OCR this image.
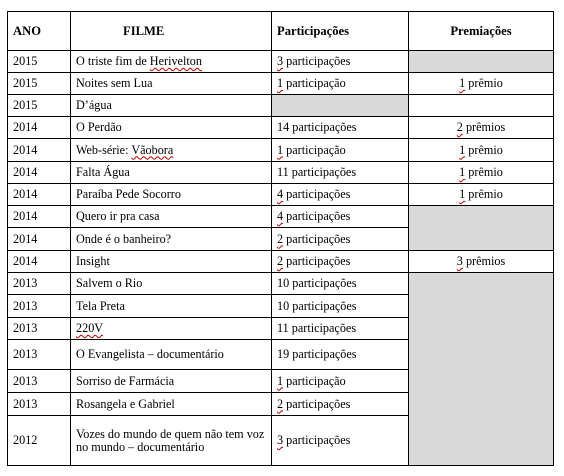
ANO	FILME	Participações	Premiações
2015	O triste fim de Herivelton	3 participações	
2015	Noites sem Lua	1 participação	1 prêmio
2015	D’água		
2014	O Perdão	14 participações	2 prêmios
2014	Web-série: Vãobora	1 participação	1 prêmio
2014	Falta Água	11 participações	1 prêmio
2014	Paraíba Pede Socorro	4 participações	1 prêmio
2014	Quero ir pra casa	4 participações	
2014	Onde é o banheiro?	2 participações	
2014	Insight	2 participações	3 prêmios
2013	Salvem o Rio	10 participações	
2013	Tela Preta	10 participações	
2013	220V	11 participações	
2013	O Evangelista – documentário	19 participações	
2013	Sorriso de Farmácia	1 participação	
2013	Rosangela e Gabriel	2 participações	
2012	Vozes do mundo de quem não tem voz no mundo – documentário	3 participações	
